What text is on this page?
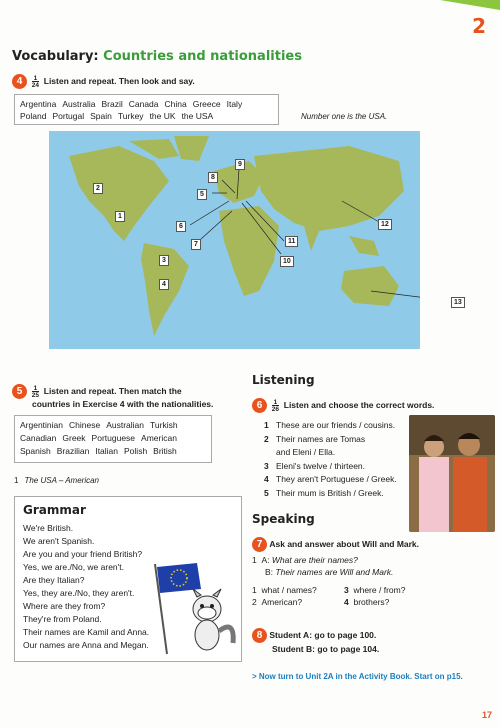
2
Vocabulary: Countries and nationalities
$4 \frac{1}{24}$ Listen and repeat. Then look and say.
Argentina Australia Brazil Canada China Greece Italy
Poland Portugal Spain Turkey the UK the USA	Number one is the USA.
1
2
3
4
5
6
7
8
9
10
11
12
13
$5 \frac{1}{25}$ Listen and repeat. Then match the
countries in Exercise 4 with the nationalities.
Argentinian Chinese Australian Turkish
Canadian Greek Portuguese American
Spanish Brazilian Italian Polish British
1 The USA – American
Grammar
We're British.
We aren't Spanish.
Are you and your friend British?
Yes, we are./No, we aren't.
Are they Italian?
Yes, they are./No, they aren't.
Where are they from?
They're from Poland.
Their names are Kamil and Anna.
Our names are Anna and Megan.
Listening
$6 \frac{1}{26}$ Listen and choose the correct words.
1 These are our friends / cousins.
2 Their names are Tomas
and Eleni / Ella.
3 Eleni's twelve / thirteen.
4 They aren't Portuguese / Greek.
5 Their mum is British / Greek.
Speaking
7 Ask and answer about Will and Mark.
1 A: What are their names?
B: Their names are Will and Mark.
1 what / names?	3 where / from?
2 American?	4 brothers?
8 Student A: go to page 100.
Student B: go to page 104.
> Now turn to Unit 2A in the Activity Book. Start on p15.
17
